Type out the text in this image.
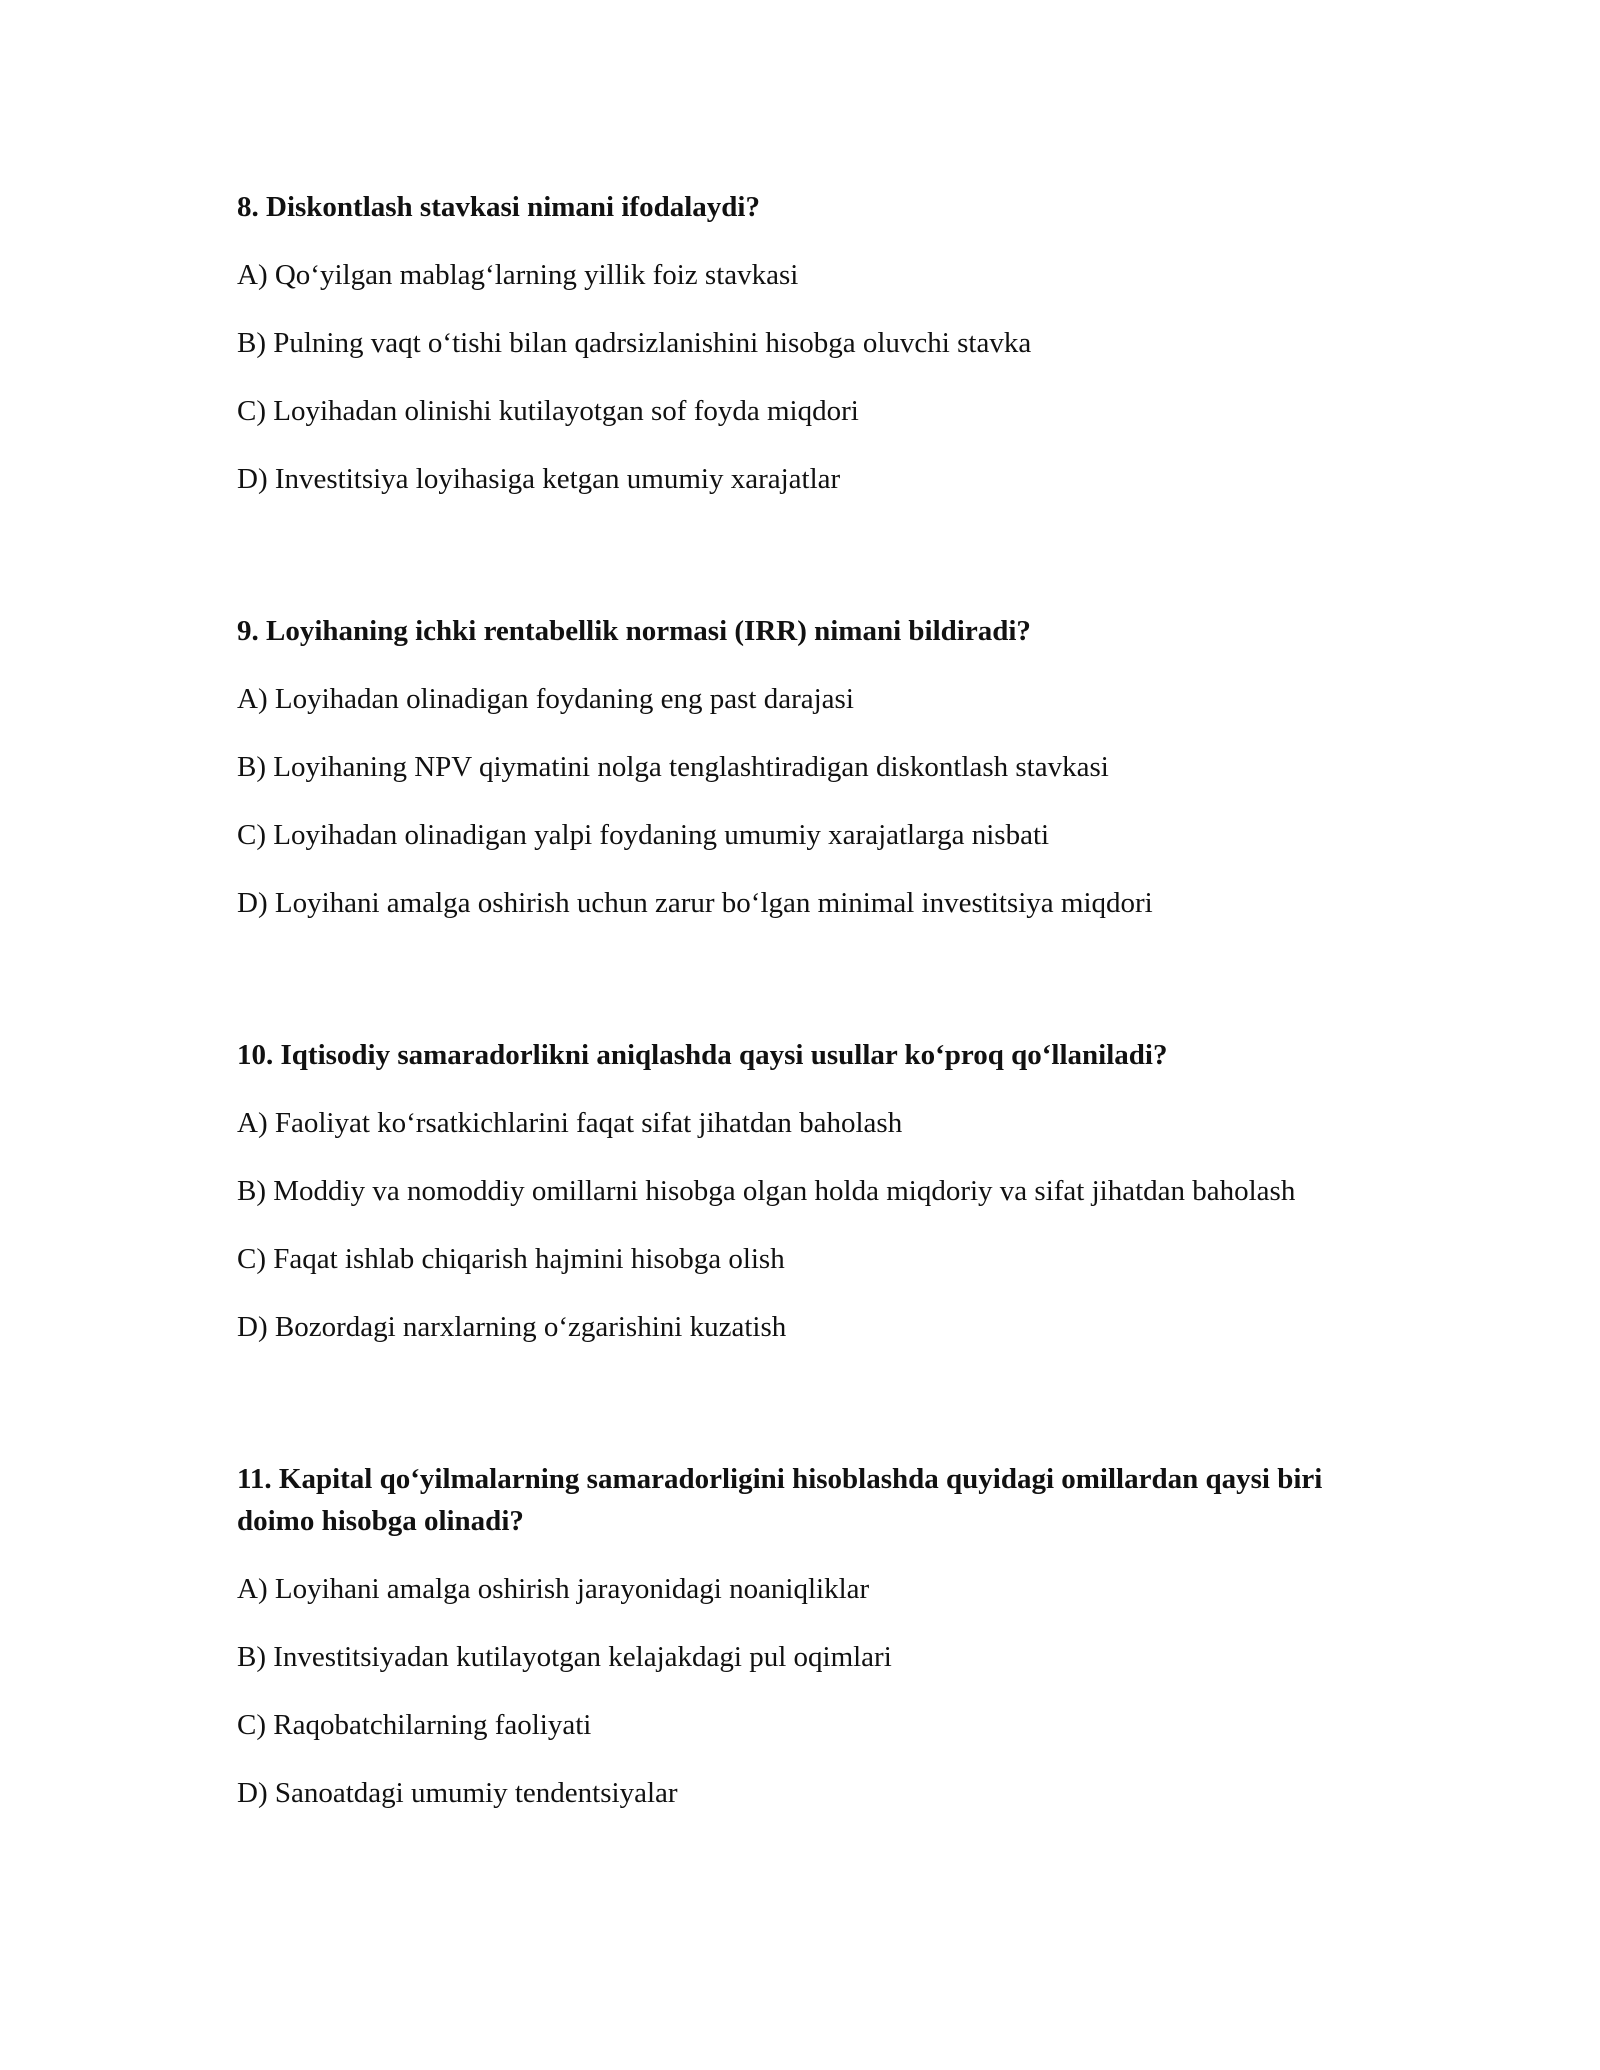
8. Diskontlash stavkasi nimani ifodalaydi?

A) Qo‘yilgan mablag‘larning yillik foiz stavkasi

B) Pulning vaqt o‘tishi bilan qadrsizlanishini hisobga oluvchi stavka

C) Loyihadan olinishi kutilayotgan sof foyda miqdori

D) Investitsiya loyihasiga ketgan umumiy xarajatlar

9. Loyihaning ichki rentabellik normasi (IRR) nimani bildiradi?

A) Loyihadan olinadigan foydaning eng past darajasi

B) Loyihaning NPV qiymatini nolga tenglashtiradigan diskontlash stavkasi

C) Loyihadan olinadigan yalpi foydaning umumiy xarajatlarga nisbati

D) Loyihani amalga oshirish uchun zarur bo‘lgan minimal investitsiya miqdori

10. Iqtisodiy samaradorlikni aniqlashda qaysi usullar ko‘proq qo‘llaniladi?

A) Faoliyat ko‘rsatkichlarini faqat sifat jihatdan baholash

B) Moddiy va nomoddiy omillarni hisobga olgan holda miqdoriy va sifat jihatdan baholash

C) Faqat ishlab chiqarish hajmini hisobga olish

D) Bozordagi narxlarning o‘zgarishini kuzatish

11. Kapital qo‘yilmalarning samaradorligini hisoblashda quyidagi omillardan qaysi biri doimo hisobga olinadi?

A) Loyihani amalga oshirish jarayonidagi noaniqliklar

B) Investitsiyadan kutilayotgan kelajakdagi pul oqimlari

C) Raqobatchilarning faoliyati

D) Sanoatdagi umumiy tendentsiyalar
